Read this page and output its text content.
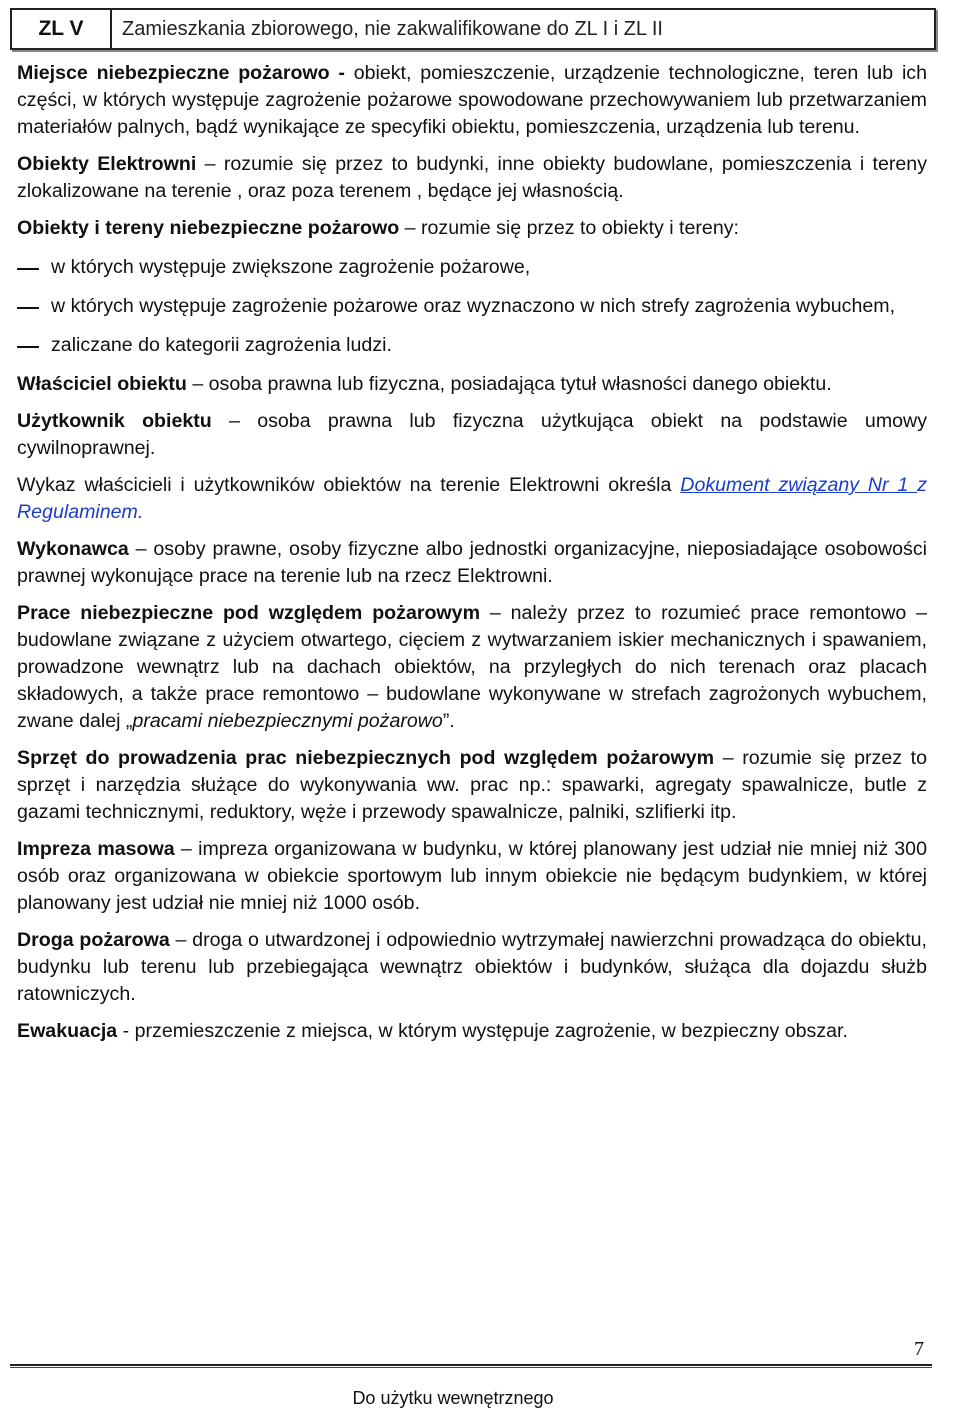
ZL V	Zamieszkania zbiorowego, nie zakwalifikowane do ZL I i ZL II

Miejsce niebezpieczne pożarowo - obiekt, pomieszczenie, urządzenie technologiczne, teren lub ich części, w których występuje zagrożenie pożarowe spowodowane przechowywaniem lub przetwarzaniem materiałów palnych, bądź wynikające ze specyfiki obiektu, pomieszczenia, urządzenia lub terenu.

Obiekty Elektrowni – rozumie się przez to budynki, inne obiekty budowlane, pomieszczenia i tereny zlokalizowane na terenie , oraz poza terenem , będące jej własnością.

Obiekty i tereny niebezpieczne pożarowo – rozumie się przez to obiekty i tereny:

w których występuje zwiększone zagrożenie pożarowe,
w których występuje zagrożenie pożarowe oraz wyznaczono w nich strefy zagrożenia wybuchem,
zaliczane do kategorii zagrożenia ludzi.

Właściciel obiektu – osoba prawna lub fizyczna, posiadająca tytuł własności danego obiektu.

Użytkownik obiektu – osoba prawna lub fizyczna użytkująca obiekt na podstawie umowy cywilnoprawnej.

Wykaz właścicieli i użytkowników obiektów na terenie Elektrowni określa Dokument związany Nr 1 z Regulaminem.

Wykonawca – osoby prawne, osoby fizyczne albo jednostki organizacyjne, nieposiadające osobowości prawnej wykonujące prace na terenie lub na rzecz Elektrowni.

Prace niebezpieczne pod względem pożarowym – należy przez to rozumieć prace remontowo – budowlane związane z użyciem otwartego, cięciem z wytwarzaniem iskier mechanicznych i spawaniem, prowadzone wewnątrz lub na dachach obiektów, na przyległych do nich terenach oraz placach składowych, a także prace remontowo – budowlane wykonywane w strefach zagrożonych wybuchem, zwane dalej „pracami niebezpiecznymi pożarowo”.

Sprzęt do prowadzenia prac niebezpiecznych pod względem pożarowym – rozumie się przez to sprzęt i narzędzia służące do wykonywania ww. prac np.: spawarki, agregaty spawalnicze, butle z gazami technicznymi, reduktory, węże i przewody spawalnicze, palniki, szlifierki itp.

Impreza masowa – impreza organizowana w budynku, w której planowany jest udział nie mniej niż 300 osób oraz organizowana w obiekcie sportowym lub innym obiekcie nie będącym budynkiem, w której planowany jest udział nie mniej niż 1000 osób.

Droga pożarowa – droga o utwardzonej i odpowiednio wytrzymałej nawierzchni prowadząca do obiektu, budynku lub terenu lub przebiegająca wewnątrz obiektów i budynków, służąca dla dojazdu służb ratowniczych.

Ewakuacja - przemieszczenie z miejsca, w którym występuje zagrożenie, w bezpieczny obszar.

7
Do użytku wewnętrznego
